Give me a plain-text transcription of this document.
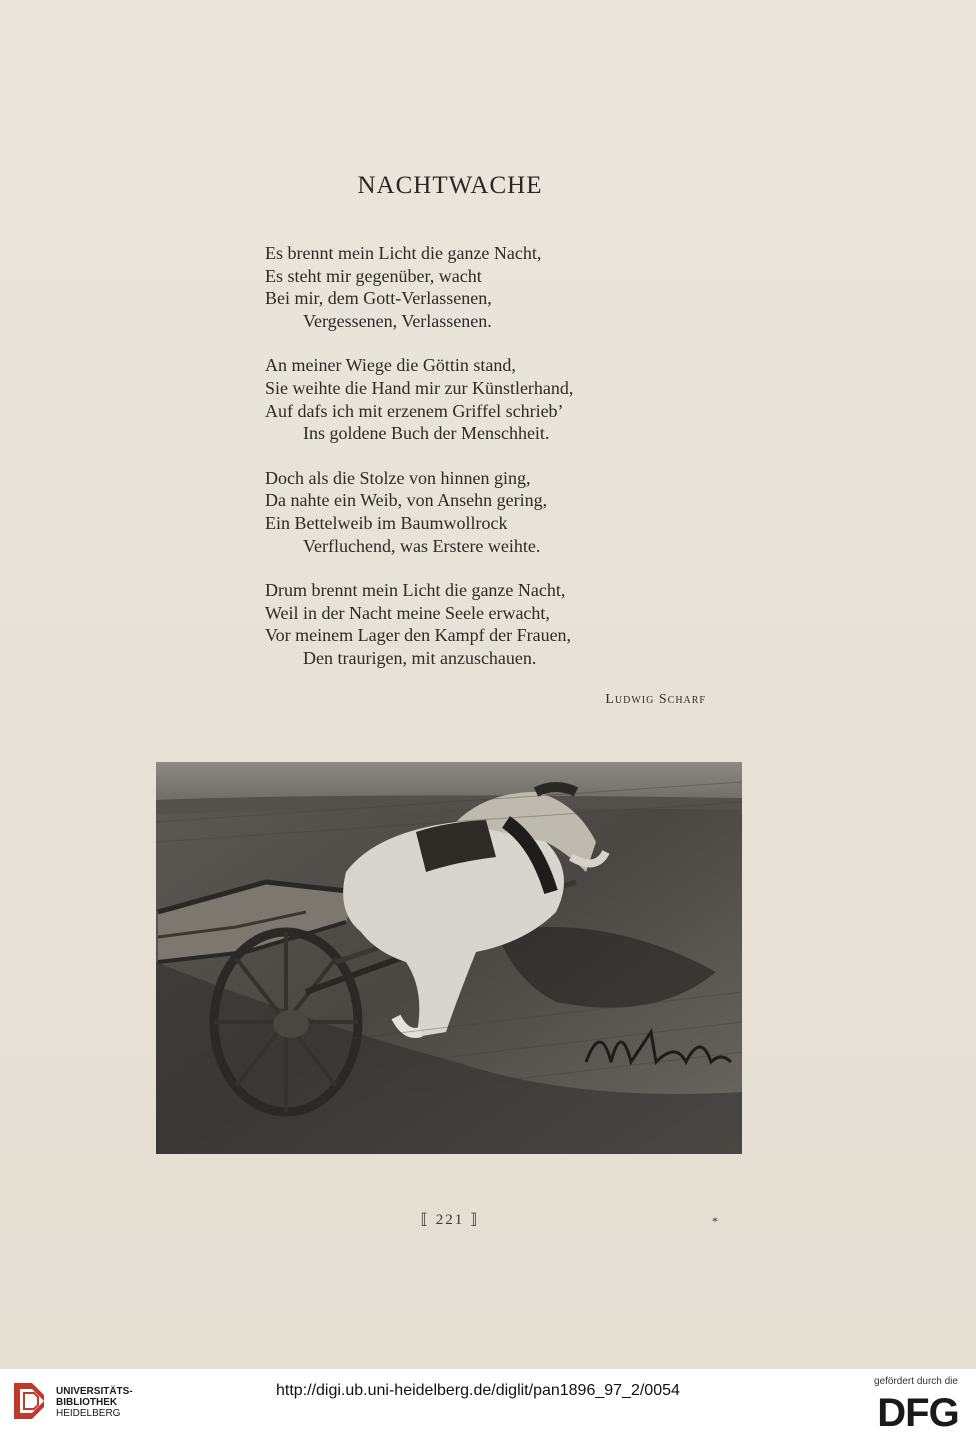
NACHTWACHE
Es brennt mein Licht die ganze Nacht,
Es steht mir gegenüber, wacht
Bei mir, dem Gott-Verlassenen,
Vergessenen, Verlassenen.
An meiner Wiege die Göttin stand,
Sie weihte die Hand mir zur Künstlerhand,
Auf dafs ich mit erzenem Griffel schrieb’
Ins goldene Buch der Menschheit.
Doch als die Stolze von hinnen ging,
Da nahte ein Weib, von Ansehn gering,
Ein Bettelweib im Baumwollrock
Verfluchend, was Erstere weihte.
Drum brennt mein Licht die ganze Nacht,
Weil in der Nacht meine Seele erwacht,
Vor meinem Lager den Kampf der Frauen,
Den traurigen, mit anzuschauen.
Ludwig Scharf
⟦ 221 ⟧	*
UNIVERSITÄTS-
BIBLIOTHEK
HEIDELBERG
http://digi.ub.uni-heidelberg.de/diglit/pan1896_97_2/0054
gefördert durch die
DFG
